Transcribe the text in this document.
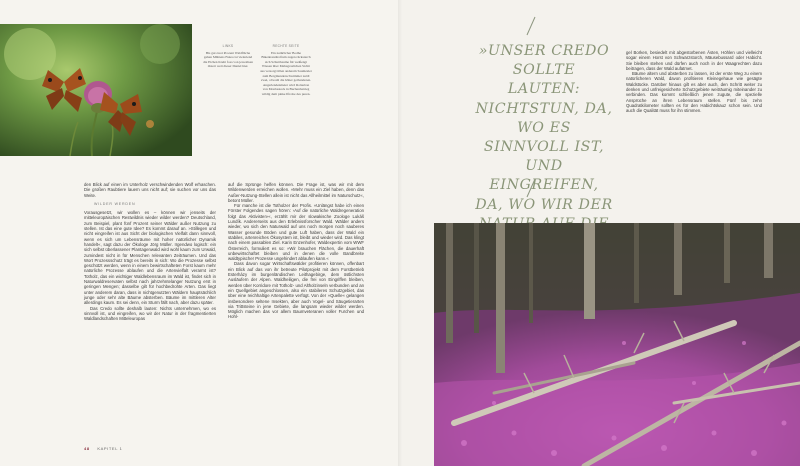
LINKS
Bis gut zwei Prozent Waldfläche gehen Mähtens Fukos ist vieleriend die Eichen Kreht fosa von jeweidsen Ostert weit dieser Daniel hier.
RECHTE SEITE
Ein natürlicher Bodhe Bikentrendtroftum zugen rücksterch sich Schuttbaume für weißengt Wiesen über Mahagraslichen Sichtt aus versorgt üllen anderem Saumzeler zum Bergmunderschwimmer zuöll zwei, obwohl die höher getbanderen. Angerlendenmeter wird Rolaubon von Monbesteck in Buchenbetrieg wildig dem pinke Iftrohe des puren.

den Blick auf einen im Unterholz verschwindenden Wolf erhaschen. Die großen Raubtiere lauern uns nicht auf; sie suchen vor uns das Weite.

WILDER WERDEN

Vorausgesetzt, wir wollen es – können wir jenseits der mitteleuropäischen Restwildnis wieder wilder werden? Deutschland, zum Beispiel, plant fünf Prozent seiner Wälder außer Nutzung zu stellen. Ist das eine gute Idee? Es kommt darauf an. »Stillegen und nicht eingreifen ist aus Sicht der biologischen Vielfalt dann sinnvoll, wenn es sich um Lebensräume mit hoher natürlicher Dynamik handelt«, sagt dazu der Ökologe Jörg Müller. Irgendwo logisch: ein sich selbst überlassener Plantagenwald wird wohl kaum zum Urwald, zumindest nicht in für Menschen relevanten Zeiträumen. Und das Wort Prozessschutz trägt es bereits in sich: Wo die Prozesse selbst geschützt werden, wenn in einem bewirtschafteten Forst kaum mehr natürliche Prozesse ablaufen und die Artenvielfalt verarmt ist? Totholz, das ein wichtiger Waldlebensraum im Wald ist, findet sich in Naturwaldreservaten selbst nach jahrzehntelanger Nutzung erst in geringen Mengen; dasselbe gilt für hochbedrohte Arten. Das liegt unter anderem daran, dass in nichtgenutzten Wäldern hauptsächlich junge oder sehr alte Bäume absterben. Bäume im mittleren Alter allerdings kaum. Es sei denn, ein Sturm fällt nach, aber dazu später.

Das Credo sollte deshalb lauten: Nichts unternehmen, wo es sinnvoll ist, und eingreifen, wo wir der Natur in der fragmentierten Waldlandschaften Mitteleuropas

auf die Sprünge helfen können. Die Frage ist, was wir mit dem Wildenwerden erreichen wollen. »Mehr muss ein Ziel haben, denn das Außer-Nutzung-Stellen allein ist nicht das Allheilmittel im Naturschutz«, betont Müller.

Für manche ist die Totholzer der Profis. »Unlängst habe ich einen Förster Folgendes sagen hören: ›Auf die natürliche Waldregeneration folgt das Aktivisten‹«, erzählt mir der slowakische Zoologe Lukáš Lundík. Andererseits aus den Erlebnissforscher Wald. Wälder anders wieder, wo sich den Naturwald auf uns noch morgen noch sauberes Wasser gesunde Böden und gute Luft haben, dass der Wald ein stabiles, artenreiches Ökosystem ist, bleibt und wieder wird. Das klingt nach einem passablen Ziel. Karin Enzenhofer, Waldexpertin vom WWF Österreich, formuliert es so: »Wir brauchen Flächen, die dauerhaft unbewirtschaftet bleiben und in denen die volle Bandbreite waldtypischer Prozesse ungehindert ablaufen kann.«

Dass davon sogar Wirtschaftswälder profitieren können, offenbart ein Blick auf das von ihr betreute Pilotprojekt mit dem Forstbetrieb Esterházy im burgenländischen Leithagebirge, dem östlichsten Ausläufern der Alpen. Waldheiligen, die frei von Eingriffen bleiben, werden über Korridore mit Totholz- und Altholzinseln verbunden und an ein Quellgebiet angeschlossen, also ein stabileres Schutzgebiet, das über eine reichhaltige Artenpalette verfügt. Von der »Quelle« gelangen insbesondere seltene Insekten, aber auch Vogel- und Säugetierarten via Trittsteine in jene Gebiete, die langsam wieder wilder werden. Möglich machen das vor allem Baumveteranen voller Furchen und Hohl-

48 KAPITEL 1
»UNSER CREDO SOLLTE LAUTEN: NICHTSTUN, DA, WO ES SINNVOLL IST, UND EINGREIFEN, DA, WO WIR DER

gel Borken, besiedelt mit abgestorbenen Ästen, Höhlen und vielleicht sogar einem Horst von Schwarzstorch, Mäusebussard oder Habicht. Sie bleiben stehen und dürfen auch noch in der Waagrechten dazu beitragen, dass der Wald aufatmet.

Bäume altern und absterben zu lassen, ist der erste Weg zu einem natürlicheren Wald, davon profitieren Kleinegehaue wie gesägte Waldstücke. Darüber hinaus gilt es aber auch, den Schritt weiter zu denken und unfreigesicherte Schutzgebiete weiträumig miteinander zu verbinden. Das kommt schließlich jenen zugute, die spezielle Ansprüche an ihren Lebensraum stellen. Fünf bis zehn Quadratkilometer sollten es für den Habichtskauz schon sein. Und auch die Qualität muss für ihn stimmen.
